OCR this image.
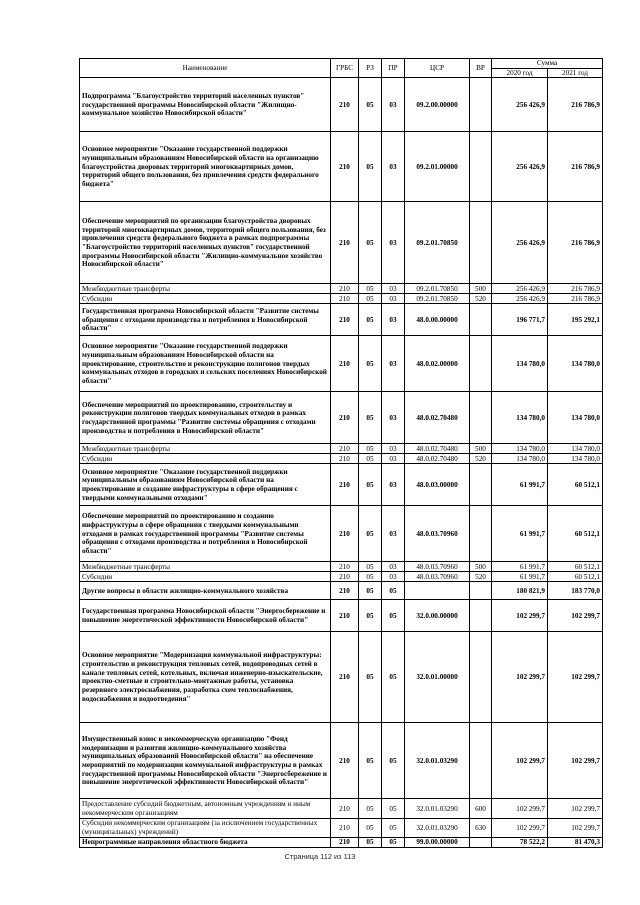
Наименование	ГРБС	РЗ	ПР	ЦСР	ВР	Сумма	
						2020 год	2021 год
Подпрограмма "Благоустройство территорий населенных пунктов" государственной программы Новосибирской области "Жилищно-коммунальное хозяйство Новосибирской области"	210	05	03	09.2.00.00000		256 426,9	216 786,9
Основное мероприятие "Оказание государственной поддержки муниципальным образованиям Новосибирской области на организацию благоустройства дворовых территорий многоквартирных домов, территорий общего пользования, без привлечения средств федерального бюджета"	210	05	03	09.2.01.00000		256 426,9	216 786,9
Обеспечение мероприятий по организации благоустройства дворовых территорий многоквартирных домов, территорий общего пользования, без привлечения средств федерального бюджета в рамках подпрограммы "Благоустройство территорий населенных пунктов" государственной программы Новосибирской области "Жилищно-коммунальное хозяйство Новосибирской области"	210	05	03	09.2.01.70850		256 426,9	216 786,9
Межбюджетные трансферты	210	05	03	09.2.01.70850	500	256 426,9	216 786,9
Субсидии	210	05	03	09.2.01.70850	520	256 426,9	216 786,9
Государственная программа Новосибирской области "Развитие системы обращения с отходами производства и потребления в Новосибирской области"	210	05	03	48.0.00.00000		196 771,7	195 292,1
Основное мероприятие "Оказание государственной поддержки муниципальным образованиям Новосибирской области на проектирование, строительство и реконструкцию полигонов твердых коммунальных отходов в городских и сельских поселениях Новосибирской области"	210	05	03	48.0.02.00000		134 780,0	134 780,0
Обеспечение мероприятий по проектированию, строительству и реконструкции полигонов твердых коммунальных отходов в рамках государственной программы "Развитие системы обращения с отходами производства и потребления в Новосибирской области"	210	05	03	48.0.02.70480		134 780,0	134 780,0
Межбюджетные трансферты	210	05	03	48.0.02.70480	500	134 780,0	134 780,0
Субсидии	210	05	03	48.0.02.70480	520	134 780,0	134 780,0
Основное мероприятие "Оказание государственной поддержки муниципальным образованиям Новосибирской области на проектирование и создание инфраструктуры в сфере обращения с твердыми коммунальными отходами"	210	05	03	48.0.03.00000		61 991,7	60 512,1
Обеспечение мероприятий по проектированию и созданию инфраструктуры в сфере обращения с твердыми коммунальными отходами в рамках государственной программы "Развитие системы обращения с отходами производства и потребления в Новосибирской области"	210	05	03	48.0.03.70960		61 991,7	60 512,1
Межбюджетные трансферты	210	05	03	48.0.03.70960	500	61 991,7	60 512,1
Субсидии	210	05	03	48.0.03.70960	520	61 991,7	60 512,1
Другие вопросы в области жилищно-коммунального хозяйства	210	05	05			180 821,9	183 770,0
Государственная программа Новосибирской области "Энергосбережение и повышение энергетической эффективности Новосибирской области"	210	05	05	32.0.00.00000		102 299,7	102 299,7
Основное мероприятие "Модернизация коммунальной инфраструктуры: строительство и реконструкция тепловых сетей, водопроводных сетей в канале тепловых сетей, котельных, включая инженерно-изыскательские, проектно-сметные и строительно-монтажные работы, установка резервного электроснабжения, разработка схем теплоснабжения, водоснабжения и водоотведения"	210	05	05	32.0.01.00000		102 299,7	102 299,7
Имущественный взнос в некоммерческую организацию "Фонд модернизации и развития жилищно-коммунального хозяйства муниципальных образований Новосибирской области" на обеспечение мероприятий по модернизации коммунальной инфраструктуры в рамках государственной программы Новосибирской области "Энергосбережение и повышение энергетической эффективности Новосибирской области"	210	05	05	32.0.01.03290		102 299,7	102 299,7
Предоставление субсидий бюджетным, автономным учреждениям и иным некоммерческим организациям	210	05	05	32.0.01.03290	600	102 299,7	102 299,7
Субсидии некоммерческим организациям (за исключением государственных (муниципальных) учреждений)	210	05	05	32.0.01.03290	630	102 299,7	102 299,7
Непрограммные направления областного бюджета	210	05	05	99.0.00.00000		78 522,2	81 470,3
Страница 112 из 113
